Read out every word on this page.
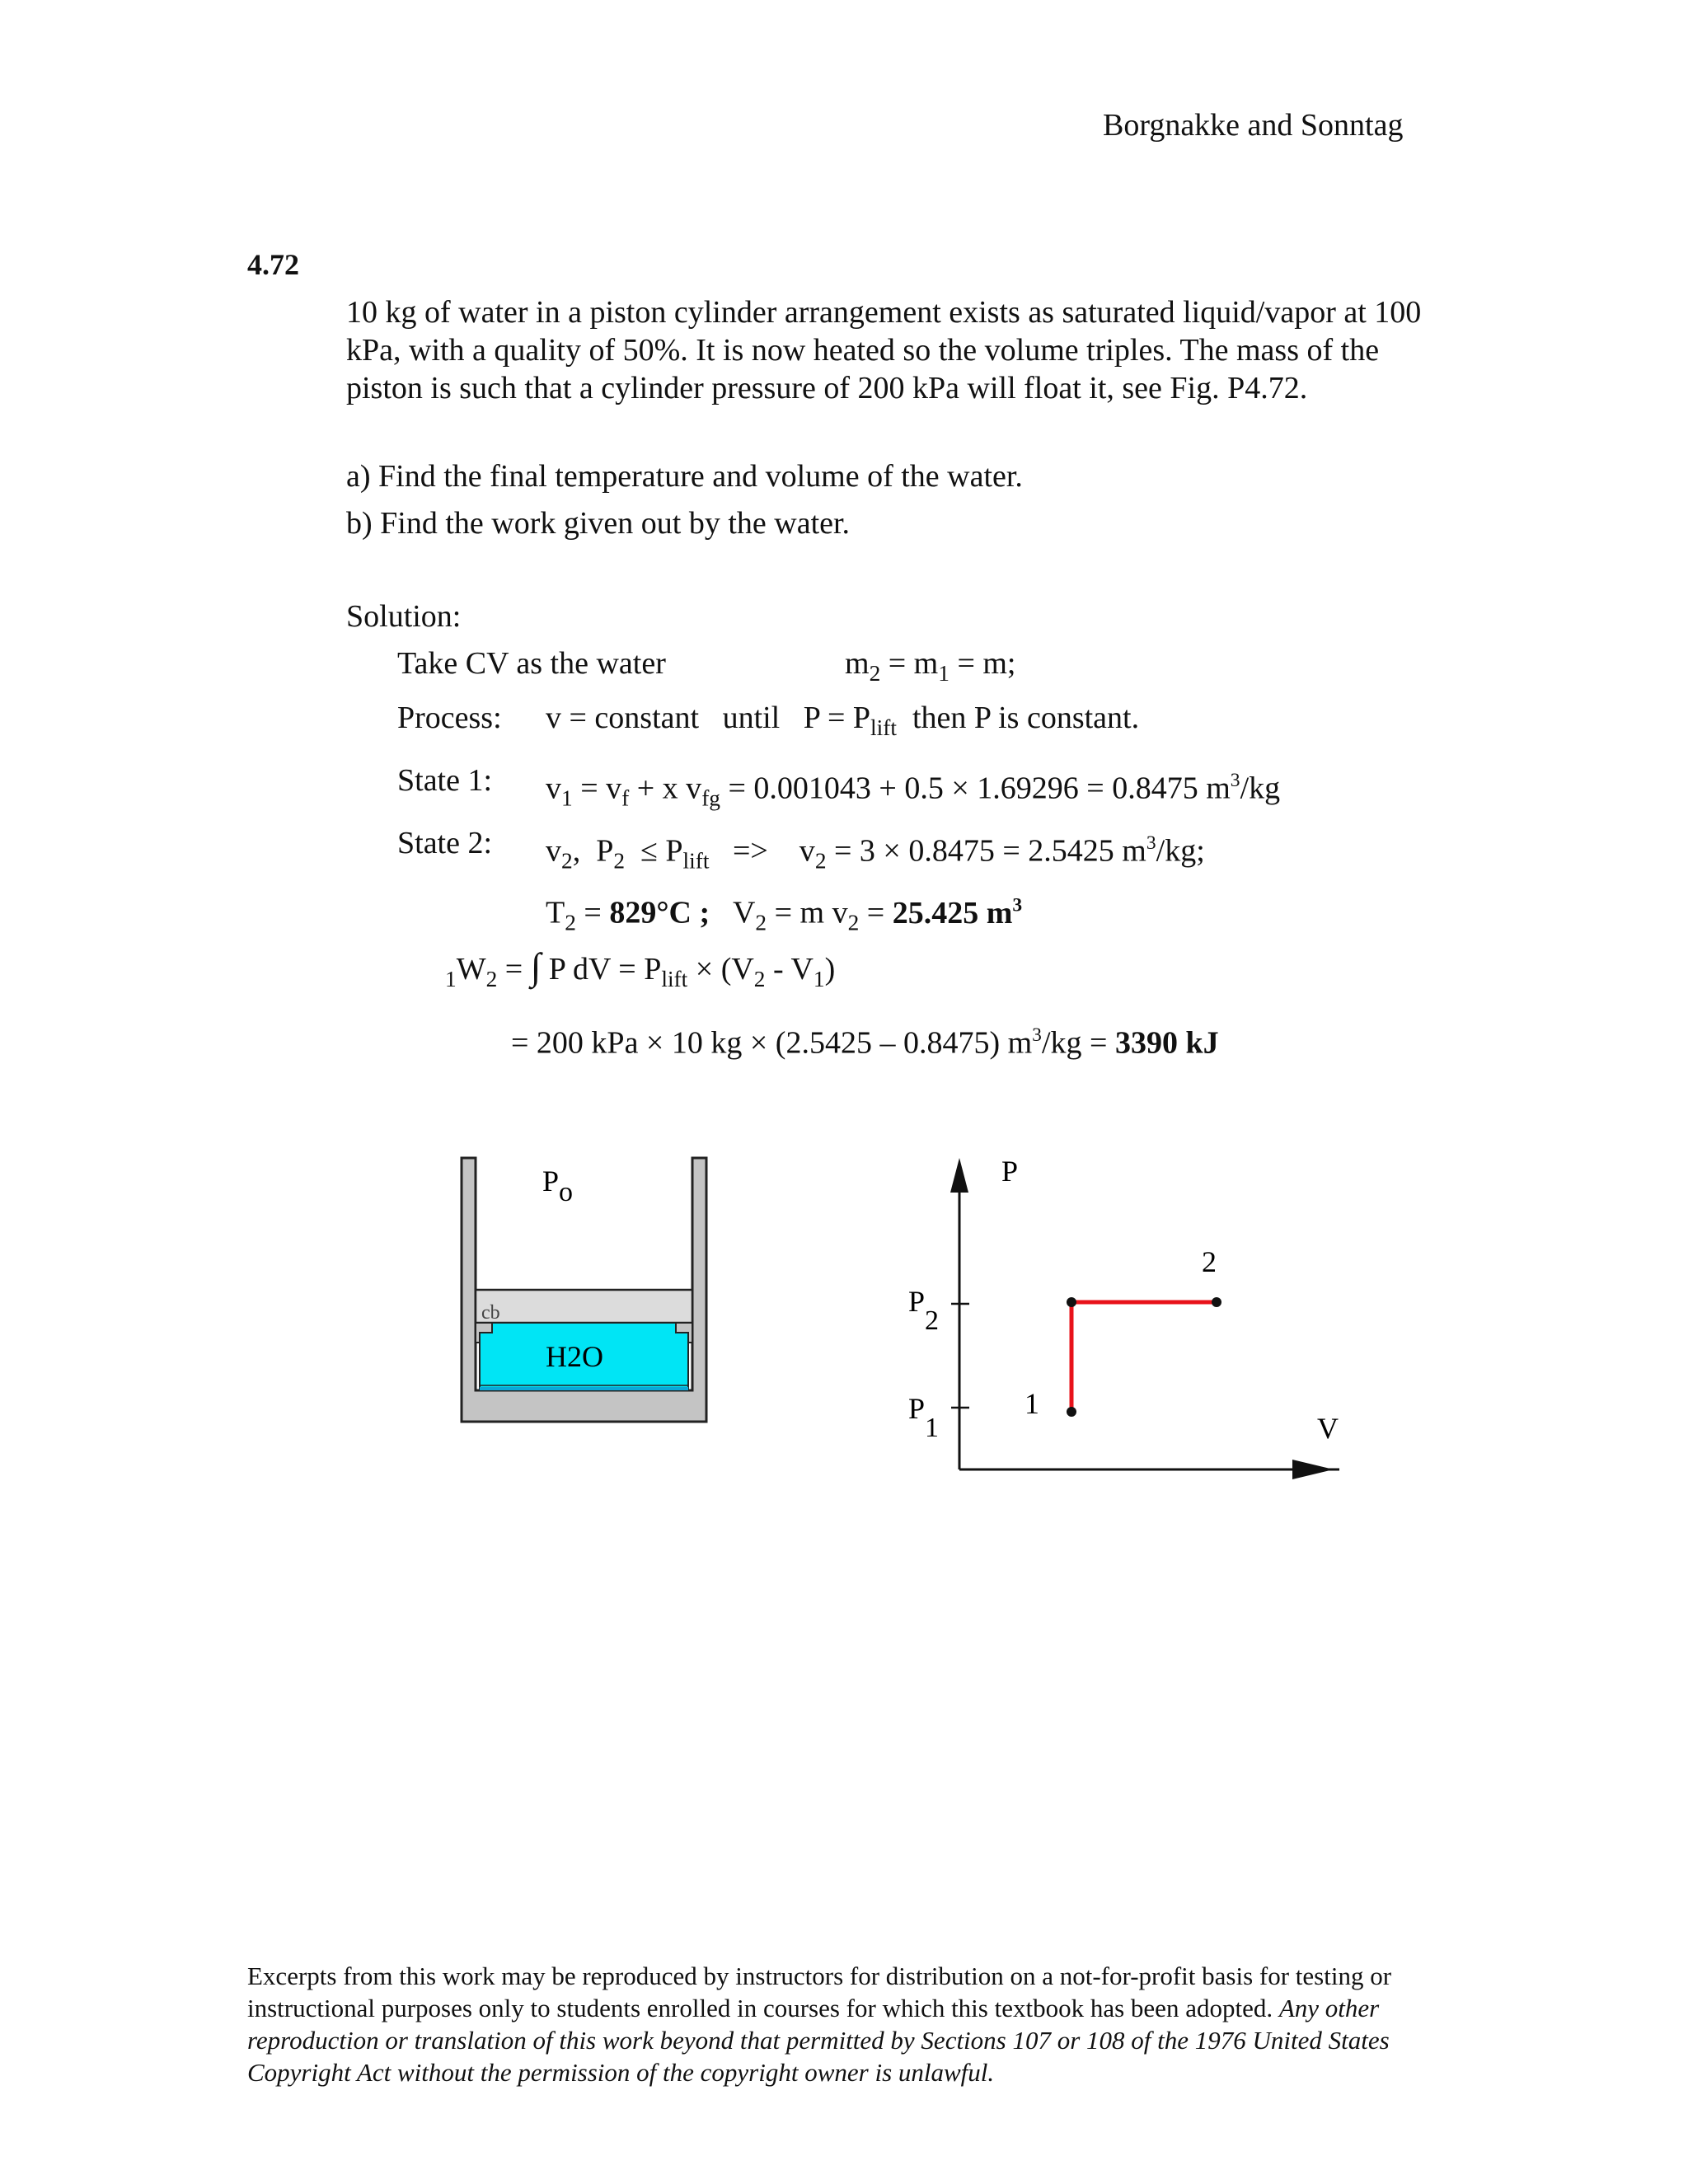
Borgnakke and Sonntag
4.72
10 kg of water in a piston cylinder arrangement exists as saturated liquid/vapor at 100 kPa, with a quality of 50%. It is now heated so the volume triples. The mass of the piston is such that a cylinder pressure of 200 kPa will float it, see Fig. P4.72.
a) Find the final temperature and volume of the water.
b) Find the work given out by the water.
Solution:
Take CV as the water	$m_2 = m_1 = m$;
Process: v = constant   until   $P = P_{lift}$  then P is constant.
State 1: $v_1 = v_f + x$ $v_{fg} = 0.001043 + 0.5 \times 1.69296 = 0.8475$ $m^3/kg$
State 2: $v_2$,  $P_2 \le P_{lift}$   =>    $v_2 = 3 \times 0.8475 = 2.5425$ $m^3/kg$;
$T_2 = 829^\circ C$ ;   $V_2 = m$ $v_2 = 25.425$ $m^3$
$_1W_2$ = ∫ P dV = $P_{lift} \times (V_2 - V_1)$
= 200 kPa × 10 kg × (2.5425 – 0.8475) $m^3/kg = 3390$ kJ
Po
cb
H2O
P
V
P2
P1
1
2
Excerpts from this work may be reproduced by instructors for distribution on a not-for-profit basis for testing or instructional purposes only to students enrolled in courses for which this textbook has been adopted. Any other reproduction or translation of this work beyond that permitted by Sections 107 or 108 of the 1976 United States Copyright Act without the permission of the copyright owner is unlawful.
